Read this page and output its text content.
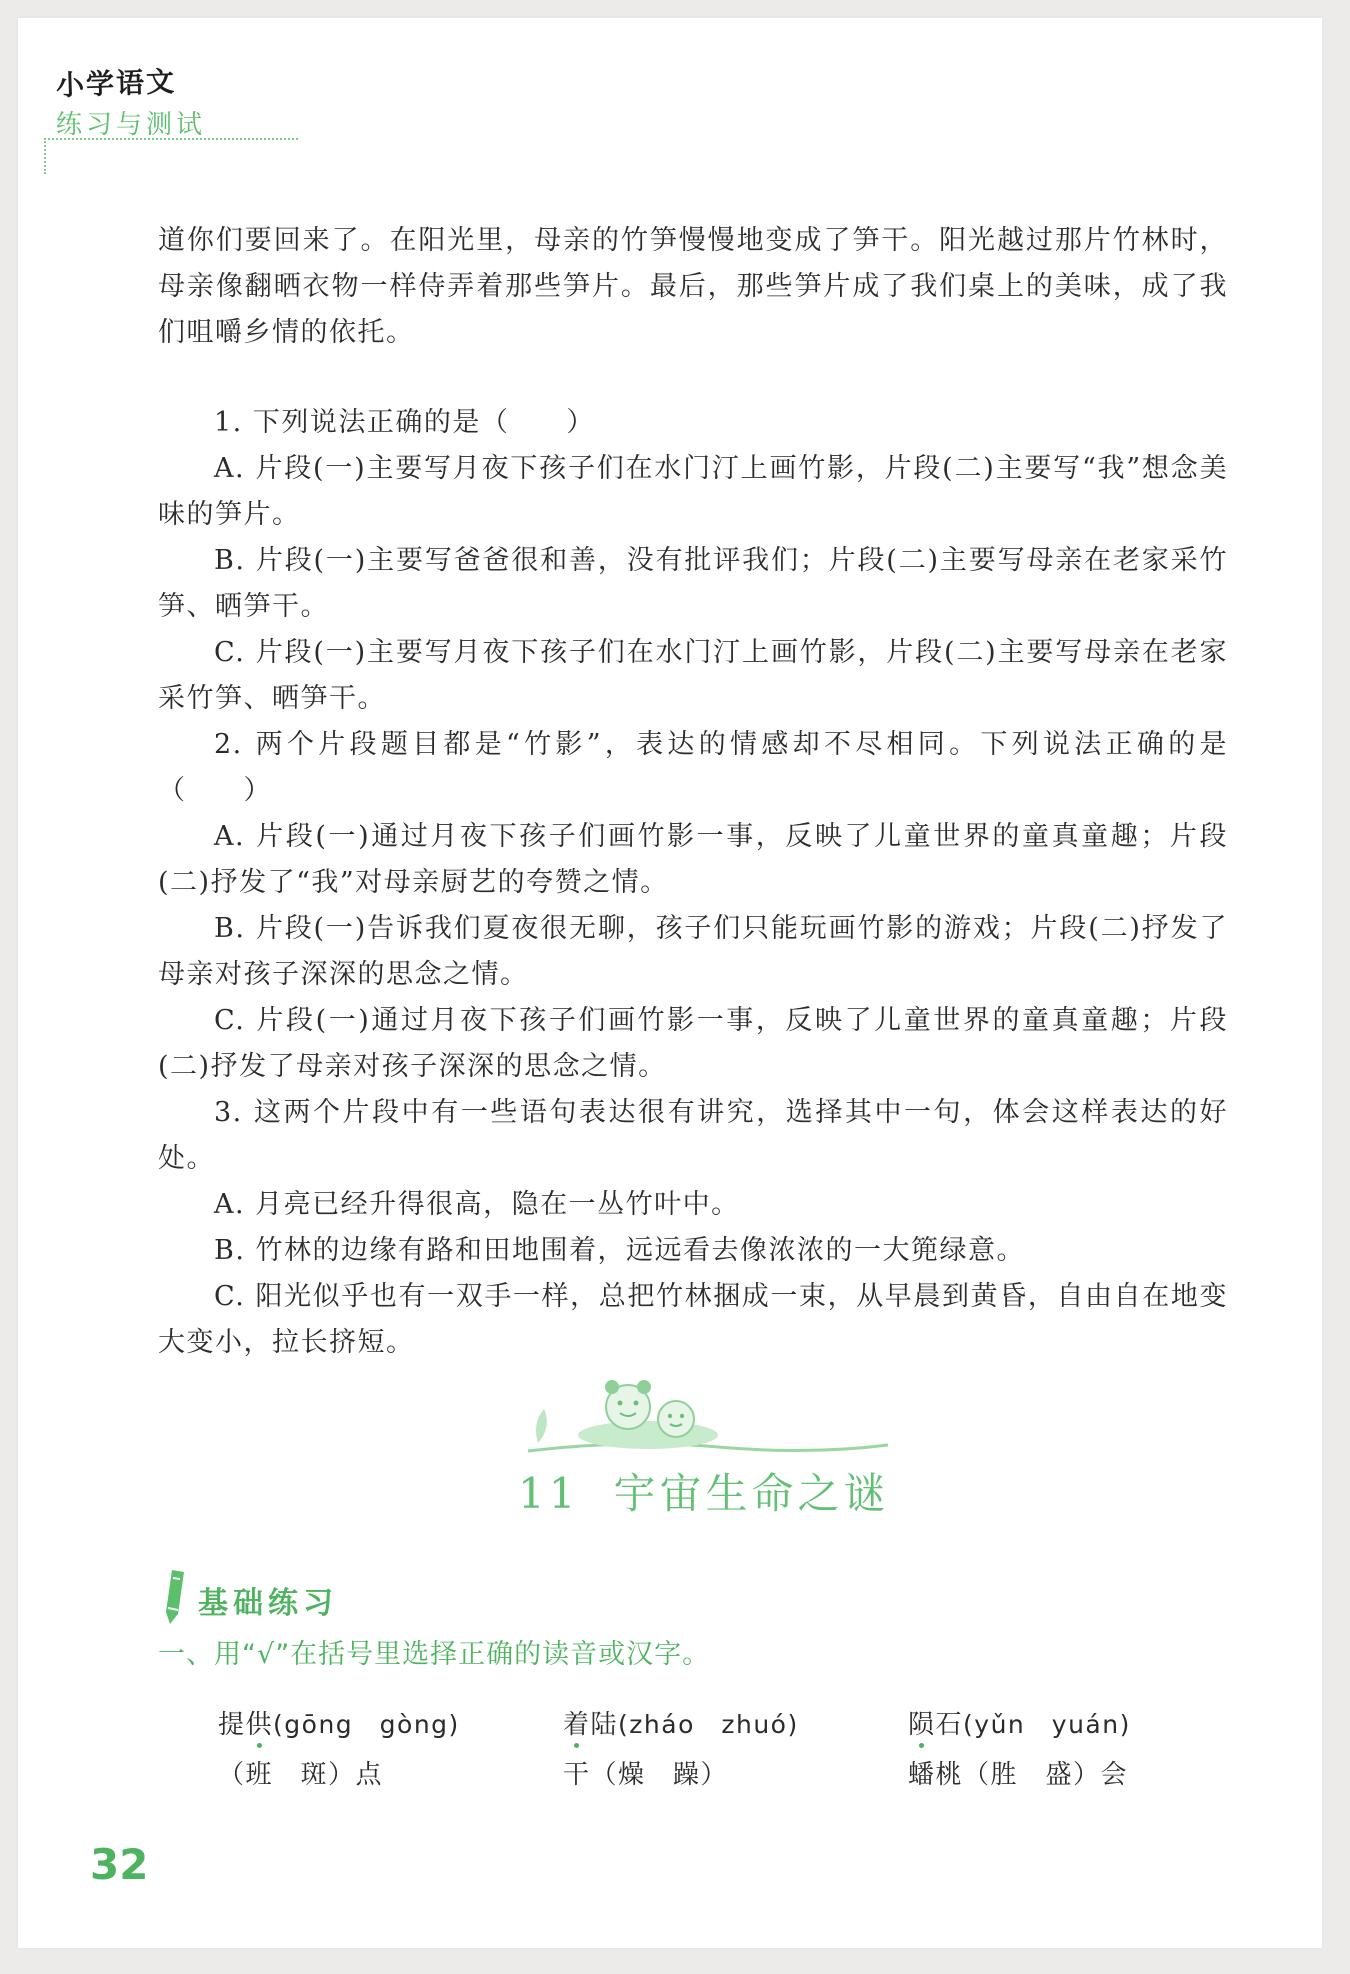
小学语文
练习与测试

道你们要回来了。在阳光里，母亲的竹笋慢慢地变成了笋干。阳光越过那片竹林时，母亲像翻晒衣物一样侍弄着那些笋片。最后，那些笋片成了我们桌上的美味，成了我们咀嚼乡情的依托。

1. 下列说法正确的是（　　）

A. 片段(一)主要写月夜下孩子们在水门汀上画竹影，片段(二)主要写“我”想念美味的笋片。

B. 片段(一)主要写爸爸很和善，没有批评我们；片段(二)主要写母亲在老家采竹笋、晒笋干。

C. 片段(一)主要写月夜下孩子们在水门汀上画竹影，片段(二)主要写母亲在老家采竹笋、晒笋干。

2. 两个片段题目都是“竹影”，表达的情感却不尽相同。下列说法正确的是（　　）

A. 片段(一)通过月夜下孩子们画竹影一事，反映了儿童世界的童真童趣；片段(二)抒发了“我”对母亲厨艺的夸赞之情。

B. 片段(一)告诉我们夏夜很无聊，孩子们只能玩画竹影的游戏；片段(二)抒发了母亲对孩子深深的思念之情。

C. 片段(一)通过月夜下孩子们画竹影一事，反映了儿童世界的童真童趣；片段(二)抒发了母亲对孩子深深的思念之情。

3. 这两个片段中有一些语句表达很有讲究，选择其中一句，体会这样表达的好处。

A. 月亮已经升得很高，隐在一丛竹叶中。

B. 竹林的边缘有路和田地围着，远远看去像浓浓的一大篼绿意。

C. 阳光似乎也有一双手一样，总把竹林捆成一束，从早晨到黄昏，自由自在地变大变小，拉长挤短。

11 宇宙生命之谜
基础练习
一、用“√”在括号里选择正确的读音或汉字。
提供(gōng　gòng)	着陆(zháo　zhuó)	陨石(yǔn　yuán)
（班　斑）点	干（燥　躁）	蟠桃（胜　盛）会
32
